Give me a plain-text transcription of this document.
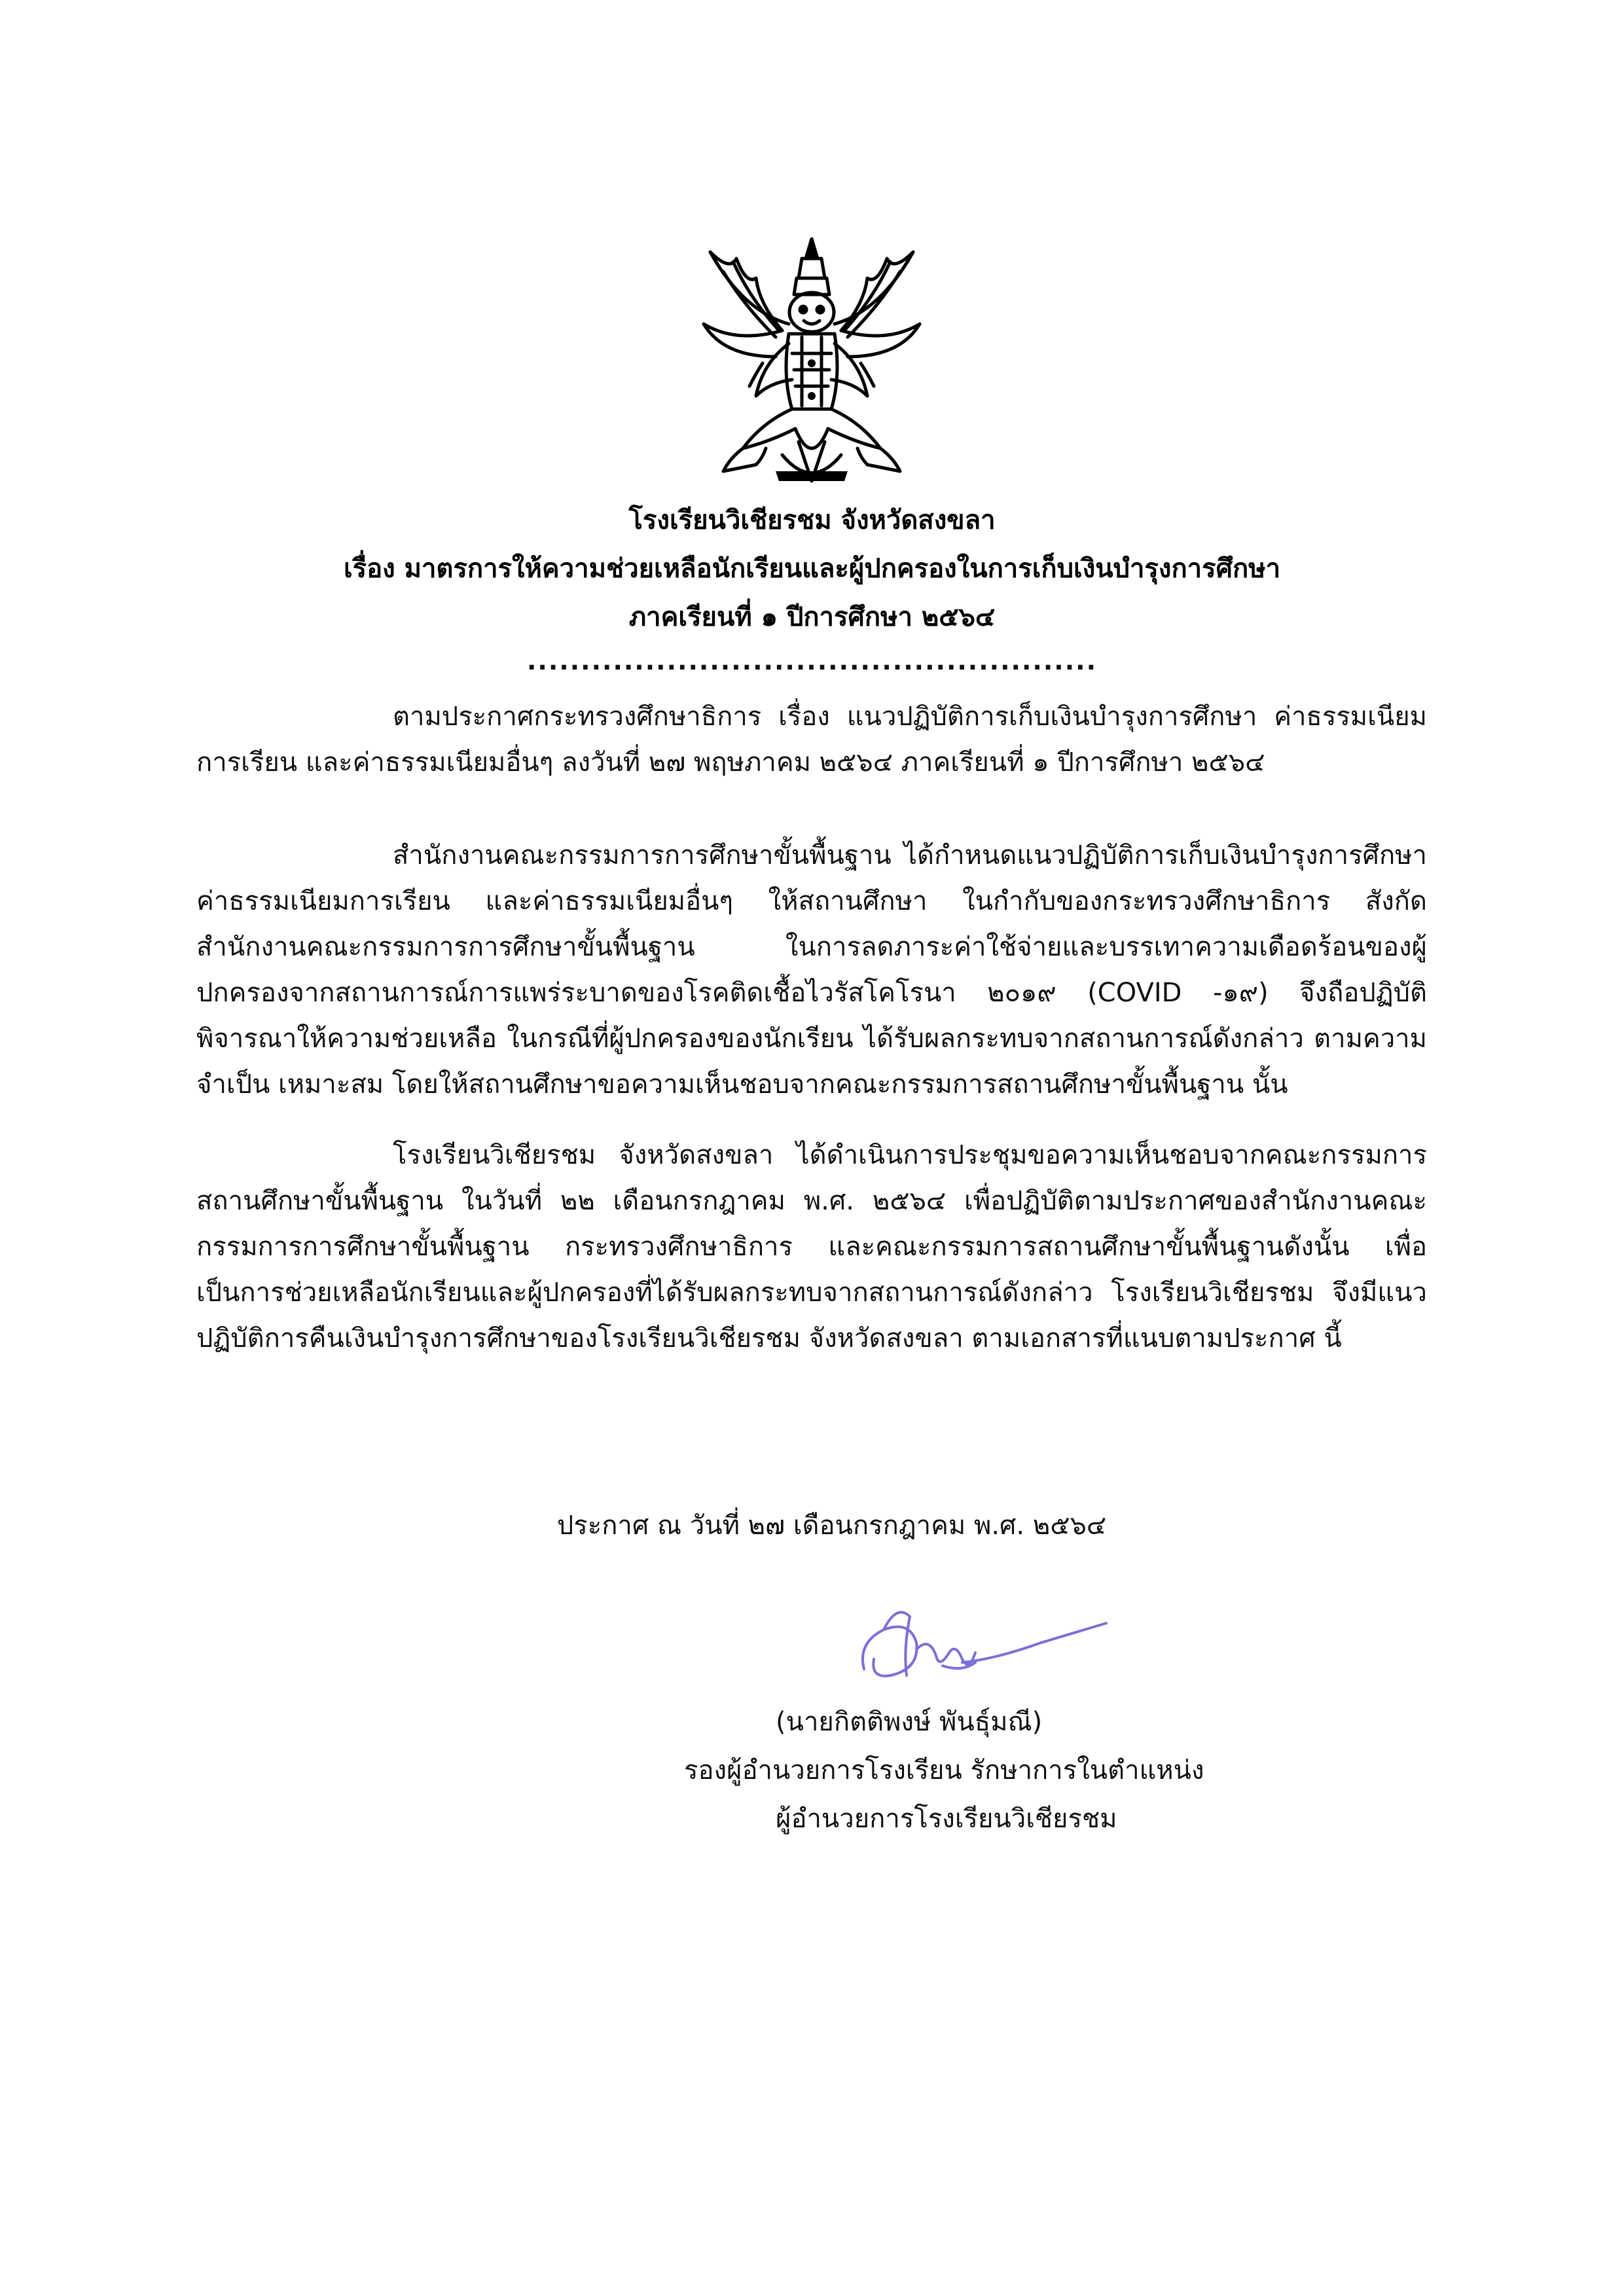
โรงเรียนวิเชียรชม จังหวัดสงขลา
เรื่อง มาตรการให้ความช่วยเหลือนักเรียนและผู้ปกครองในการเก็บเงินบำรุงการศึกษา
ภาคเรียนที่ ๑ ปีการศึกษา ๒๕๖๔
.....................................................

ตามประกาศกระทรวงศึกษาธิการ เรื่อง แนวปฏิบัติการเก็บเงินบำรุงการศึกษา ค่าธรรมเนียมการเรียน และค่าธรรมเนียมอื่นๆ ลงวันที่ ๒๗ พฤษภาคม ๒๕๖๔ ภาคเรียนที่ ๑ ปีการศึกษา ๒๕๖๔

สำนักงานคณะกรรมการการศึกษาขั้นพื้นฐาน ได้กำหนดแนวปฏิบัติการเก็บเงินบำรุงการศึกษา ค่าธรรมเนียมการเรียน และค่าธรรมเนียมอื่นๆ ให้สถานศึกษา ในกำกับของกระทรวงศึกษาธิการ สังกัดสำนักงานคณะกรรมการการศึกษาขั้นพื้นฐาน ในการลดภาระค่าใช้จ่ายและบรรเทาความเดือดร้อนของผู้ปกครองจากสถานการณ์การแพร่ระบาดของโรคติดเชื้อไวรัสโคโรนา ๒๐๑๙ (COVID -๑๙) จึงถือปฏิบัติพิจารณาให้ความช่วยเหลือ ในกรณีที่ผู้ปกครองของนักเรียน ได้รับผลกระทบจากสถานการณ์ดังกล่าว ตามความจำเป็น เหมาะสม โดยให้สถานศึกษาขอความเห็นชอบจากคณะกรรมการสถานศึกษาขั้นพื้นฐาน นั้น

โรงเรียนวิเชียรชม จังหวัดสงขลา ได้ดำเนินการประชุมขอความเห็นชอบจากคณะกรรมการสถานศึกษาขั้นพื้นฐาน ในวันที่ ๒๒ เดือนกรกฎาคม พ.ศ. ๒๕๖๔ เพื่อปฏิบัติตามประกาศของสำนักงานคณะกรรมการการศึกษาขั้นพื้นฐาน กระทรวงศึกษาธิการ และคณะกรรมการสถานศึกษาขั้นพื้นฐานดังนั้น เพื่อเป็นการช่วยเหลือนักเรียนและผู้ปกครองที่ได้รับผลกระทบจากสถานการณ์ดังกล่าว โรงเรียนวิเชียรชม จึงมีแนวปฏิบัติการคืนเงินบำรุงการศึกษาของโรงเรียนวิเชียรชม จังหวัดสงขลา ตามเอกสารที่แนบตามประกาศ นี้

ประกาศ ณ วันที่ ๒๗ เดือนกรกฎาคม พ.ศ. ๒๕๖๔
(นายกิตติพงษ์ พันธุ์มณี)
รองผู้อำนวยการโรงเรียน รักษาการในตำแหน่ง
ผู้อำนวยการโรงเรียนวิเชียรชม
